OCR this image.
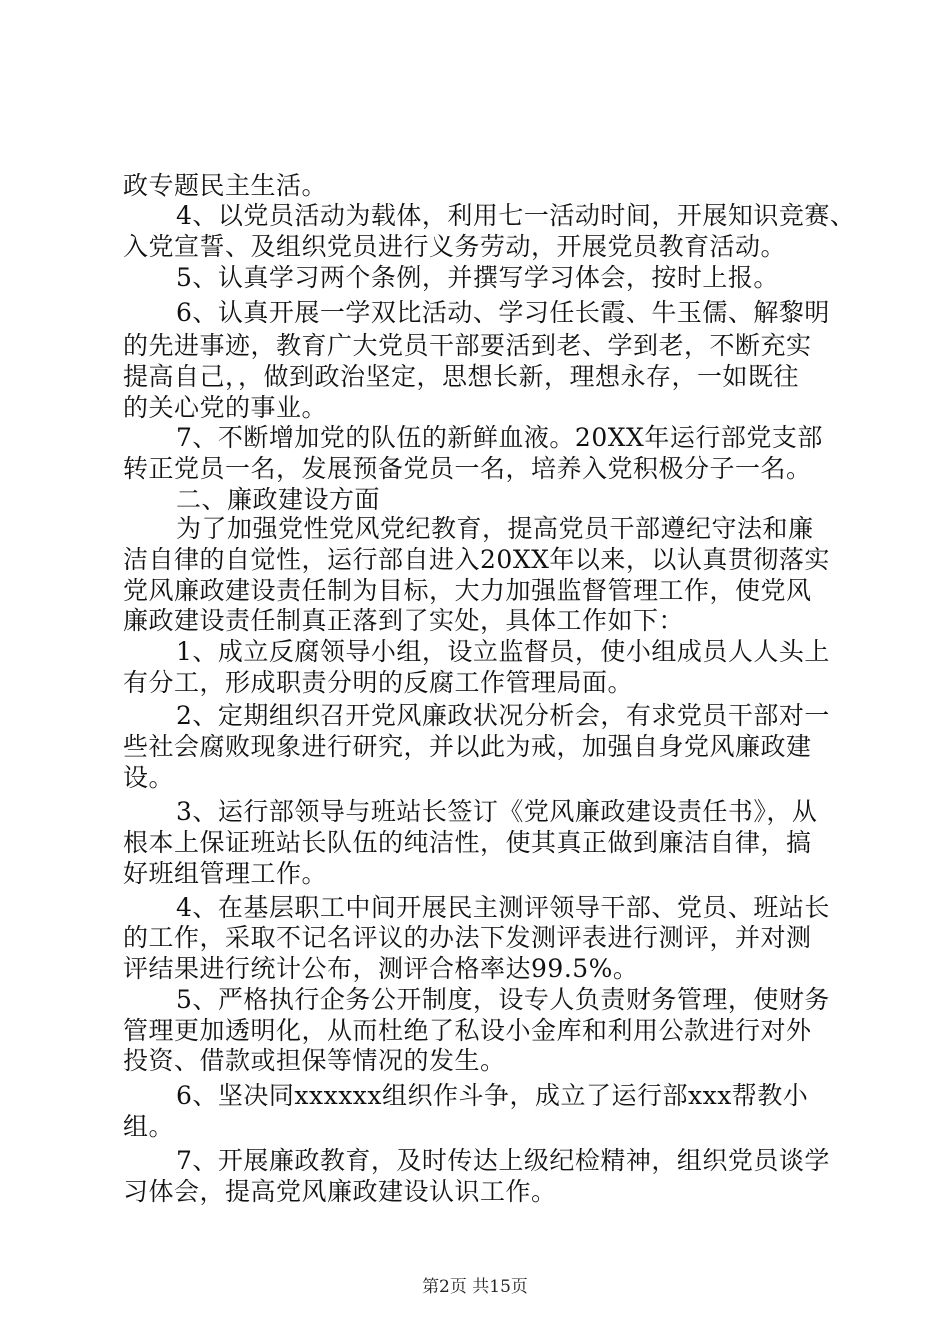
政专题民主生活。
4、以党员活动为载体，利用七一活动时间，开展知识竞赛、
入党宣誓、及组织党员进行义务劳动，开展党员教育活动。
5、认真学习两个条例，并撰写学习体会，按时上报。
6、认真开展一学双比活动、学习任长霞、牛玉儒、解黎明
的先进事迹，教育广大党员干部要活到老、学到老，不断充实
提高自己，，做到政治坚定，思想长新，理想永存，一如既往
的关心党的事业。
7、不断增加党的队伍的新鲜血液。20XX年运行部党支部
转正党员一名，发展预备党员一名，培养入党积极分子一名。
二、廉政建设方面
为了加强党性党风党纪教育，提高党员干部遵纪守法和廉
洁自律的自觉性，运行部自进入20XX年以来，以认真贯彻落实
党风廉政建设责任制为目标，大力加强监督管理工作，使党风
廉政建设责任制真正落到了实处，具体工作如下：
1、成立反腐领导小组，设立监督员，使小组成员人人头上
有分工，形成职责分明的反腐工作管理局面。
2、定期组织召开党风廉政状况分析会，有求党员干部对一
些社会腐败现象进行研究，并以此为戒，加强自身党风廉政建
设。
3、运行部领导与班站长签订《党风廉政建设责任书》，从
根本上保证班站长队伍的纯洁性，使其真正做到廉洁自律，搞
好班组管理工作。
4、在基层职工中间开展民主测评领导干部、党员、班站长
的工作，采取不记名评议的办法下发测评表进行测评，并对测
评结果进行统计公布，测评合格率达99.5%。
5、严格执行企务公开制度，设专人负责财务管理，使财务
管理更加透明化，从而杜绝了私设小金库和利用公款进行对外
投资、借款或担保等情况的发生。
6、坚决同xxxxxx组织作斗争，成立了运行部xxx帮教小
组。
7、开展廉政教育，及时传达上级纪检精神，组织党员谈学
习体会，提高党风廉政建设认识工作。
第2页 共15页
